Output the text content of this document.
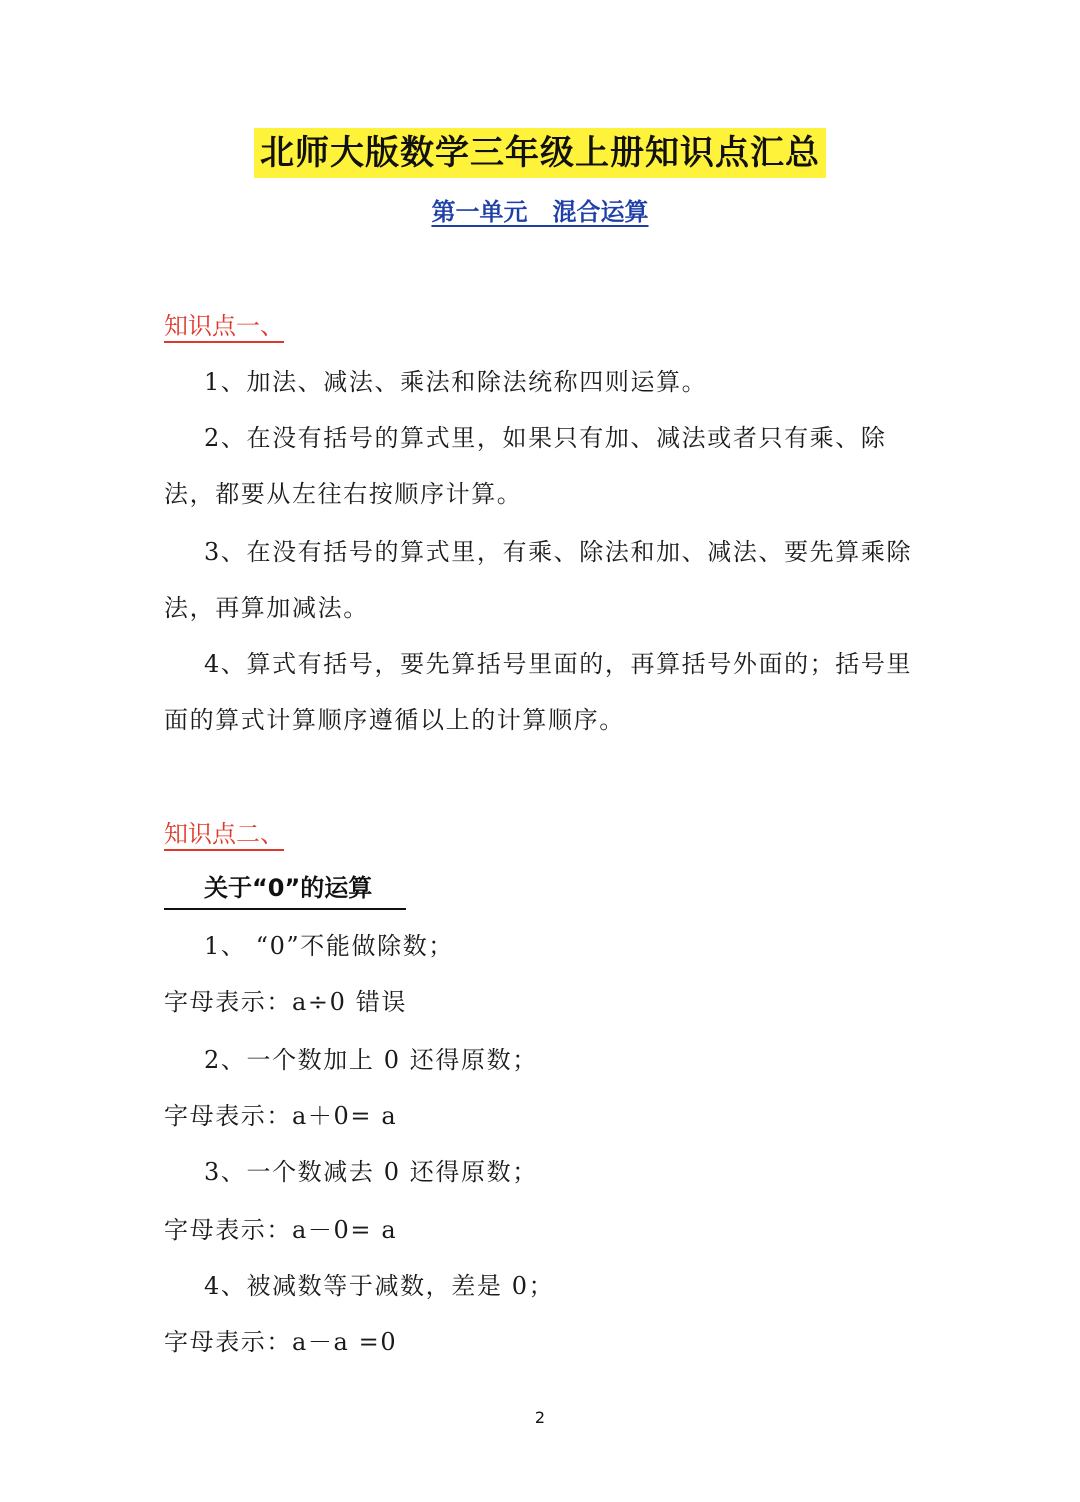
北师大版数学三年级上册知识点汇总
第一单元   混合运算
知识点一、

1、加法、减法、乘法和除法统称四则运算。

2、在没有括号的算式里，如果只有加、减法或者只有乘、除法，都要从左往右按顺序计算。

3、在没有括号的算式里，有乘、除法和加、减法、要先算乘除法，再算加减法。

4、算式有括号，要先算括号里面的，再算括号外面的；括号里面的算式计算顺序遵循以上的计算顺序。

知识点二、
关于“0”的运算
1、 “0”不能做除数；
字母表示：a÷0 错误
2、一个数加上 0 还得原数；
字母表示：a＋0= a
3、一个数减去 0 还得原数；
字母表示：a－0= a
4、被减数等于减数，差是 0；
字母表示：a－a =0
2
